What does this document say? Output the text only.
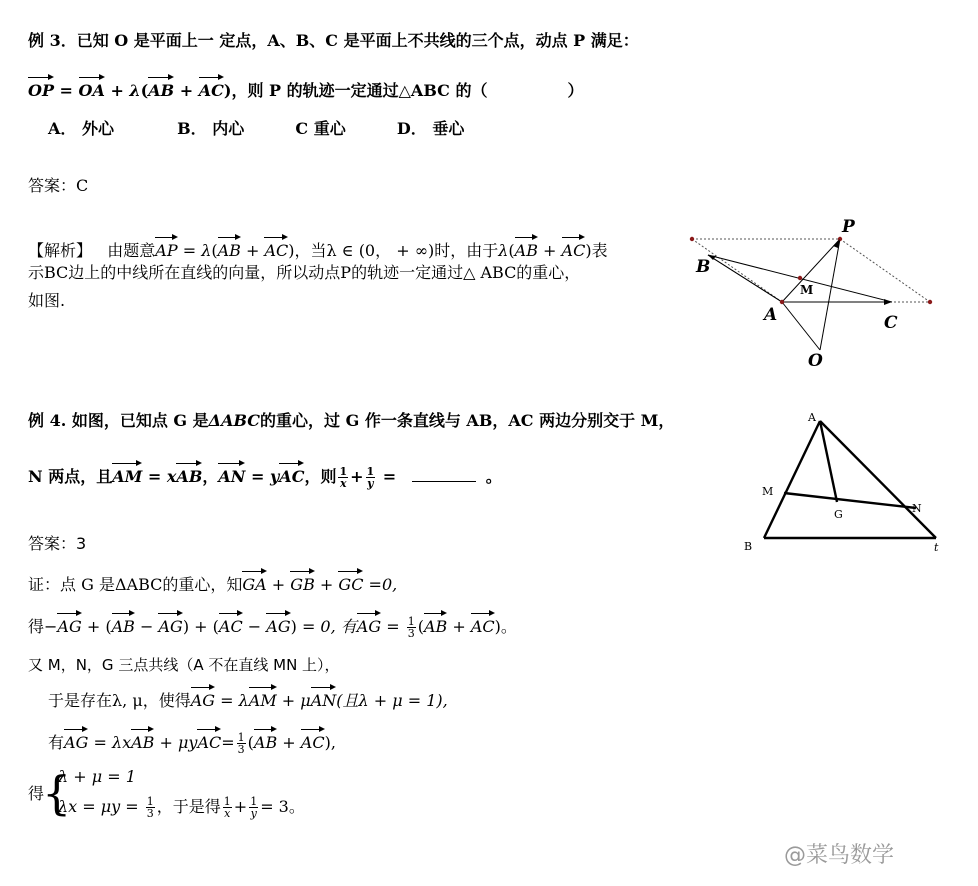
例 3．已知 O 是平面上一 定点，A、B、C 是平面上不共线的三个点，动点 P 满足：
OP = OA + λ(AB + AC)，则 P 的轨迹一定通过△ABC 的（	）
A． 外心	B． 内心	C 重心	D． 垂心
答案：C
【解析】 由题意AP = λ(AB + AC)，当λ ∈ (0， + ∞)时，由于λ(AB + AC)表
示BC边上的中线所在直线的向量，所以动点P的轨迹一定通过△ ABC的重心，
如图.
P
B
M
A	C
O
例 4. 如图，已知点 G 是ΔABC的重心，过 G 作一条直线与 AB，AC 两边分别交于 M，
N 两点，且AM = xAB，AN = yAC，则 $\frac{1}{x} + \frac{1}{y}$ =	。
A
M
G	N
B	t
答案：3
证：点 G 是ΔABC的重心，知GA + GB + GC =0,
得−AG + (AB − AG) + (AC − AG) = 0, 有AG = $\frac{1}{3} (AB + AC)$。
又 M，N，G 三点共线（A 不在直线 MN 上），
于是存在λ, μ，使得AG = λAM + μAN(且λ + μ = 1),
有AG = $\lambda xAB + \mu yAC= \frac{1}{3} (AB + AC)$,
得
{
λ + μ = 1
$\lambda x = \mu y = \frac{1}{3}$ ，于是得 $\frac{1}{x} + \frac{1}{y} = 3$。
@菜鸟数学
